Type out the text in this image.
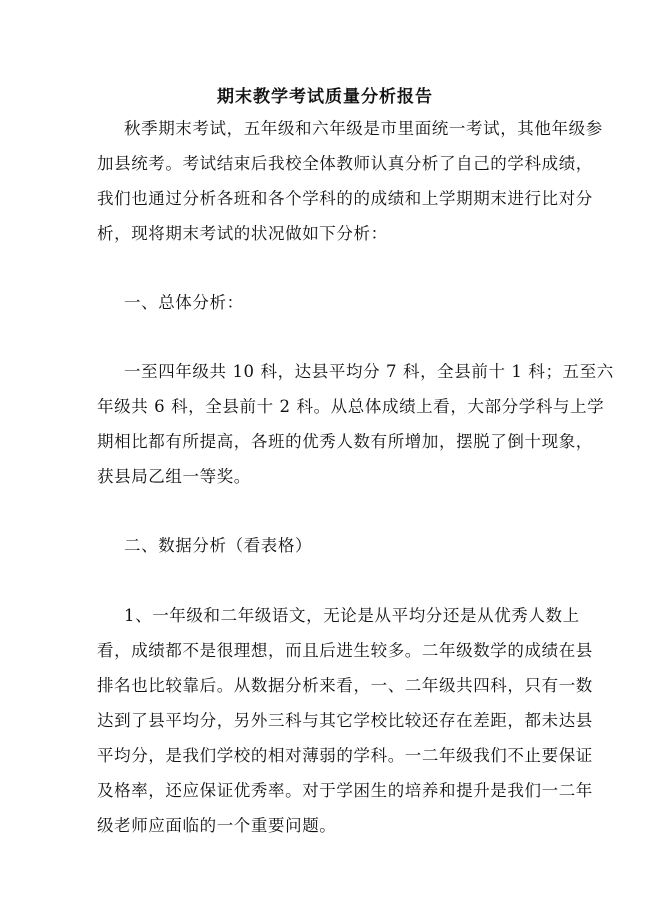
期末教学考试质量分析报告
秋季期末考试，五年级和六年级是市里面统一考试，其他年级参
加县统考。考试结束后我校全体教师认真分析了自己的学科成绩，
我们也通过分析各班和各个学科的的成绩和上学期期末进行比对分
析，现将期末考试的状况做如下分析：
一、总体分析：
一至四年级共 10 科，达县平均分 7 科，全县前十 1 科；五至六
年级共 6 科，全县前十 2 科。从总体成绩上看，大部分学科与上学
期相比都有所提高，各班的优秀人数有所增加，摆脱了倒十现象，
获县局乙组一等奖。
二、数据分析（看表格）
1、一年级和二年级语文，无论是从平均分还是从优秀人数上
看，成绩都不是很理想，而且后进生较多。二年级数学的成绩在县
排名也比较靠后。从数据分析来看，一、二年级共四科，只有一数
达到了县平均分，另外三科与其它学校比较还存在差距，都未达县
平均分，是我们学校的相对薄弱的学科。一二年级我们不止要保证
及格率，还应保证优秀率。对于学困生的培养和提升是我们一二年
级老师应面临的一个重要问题。
